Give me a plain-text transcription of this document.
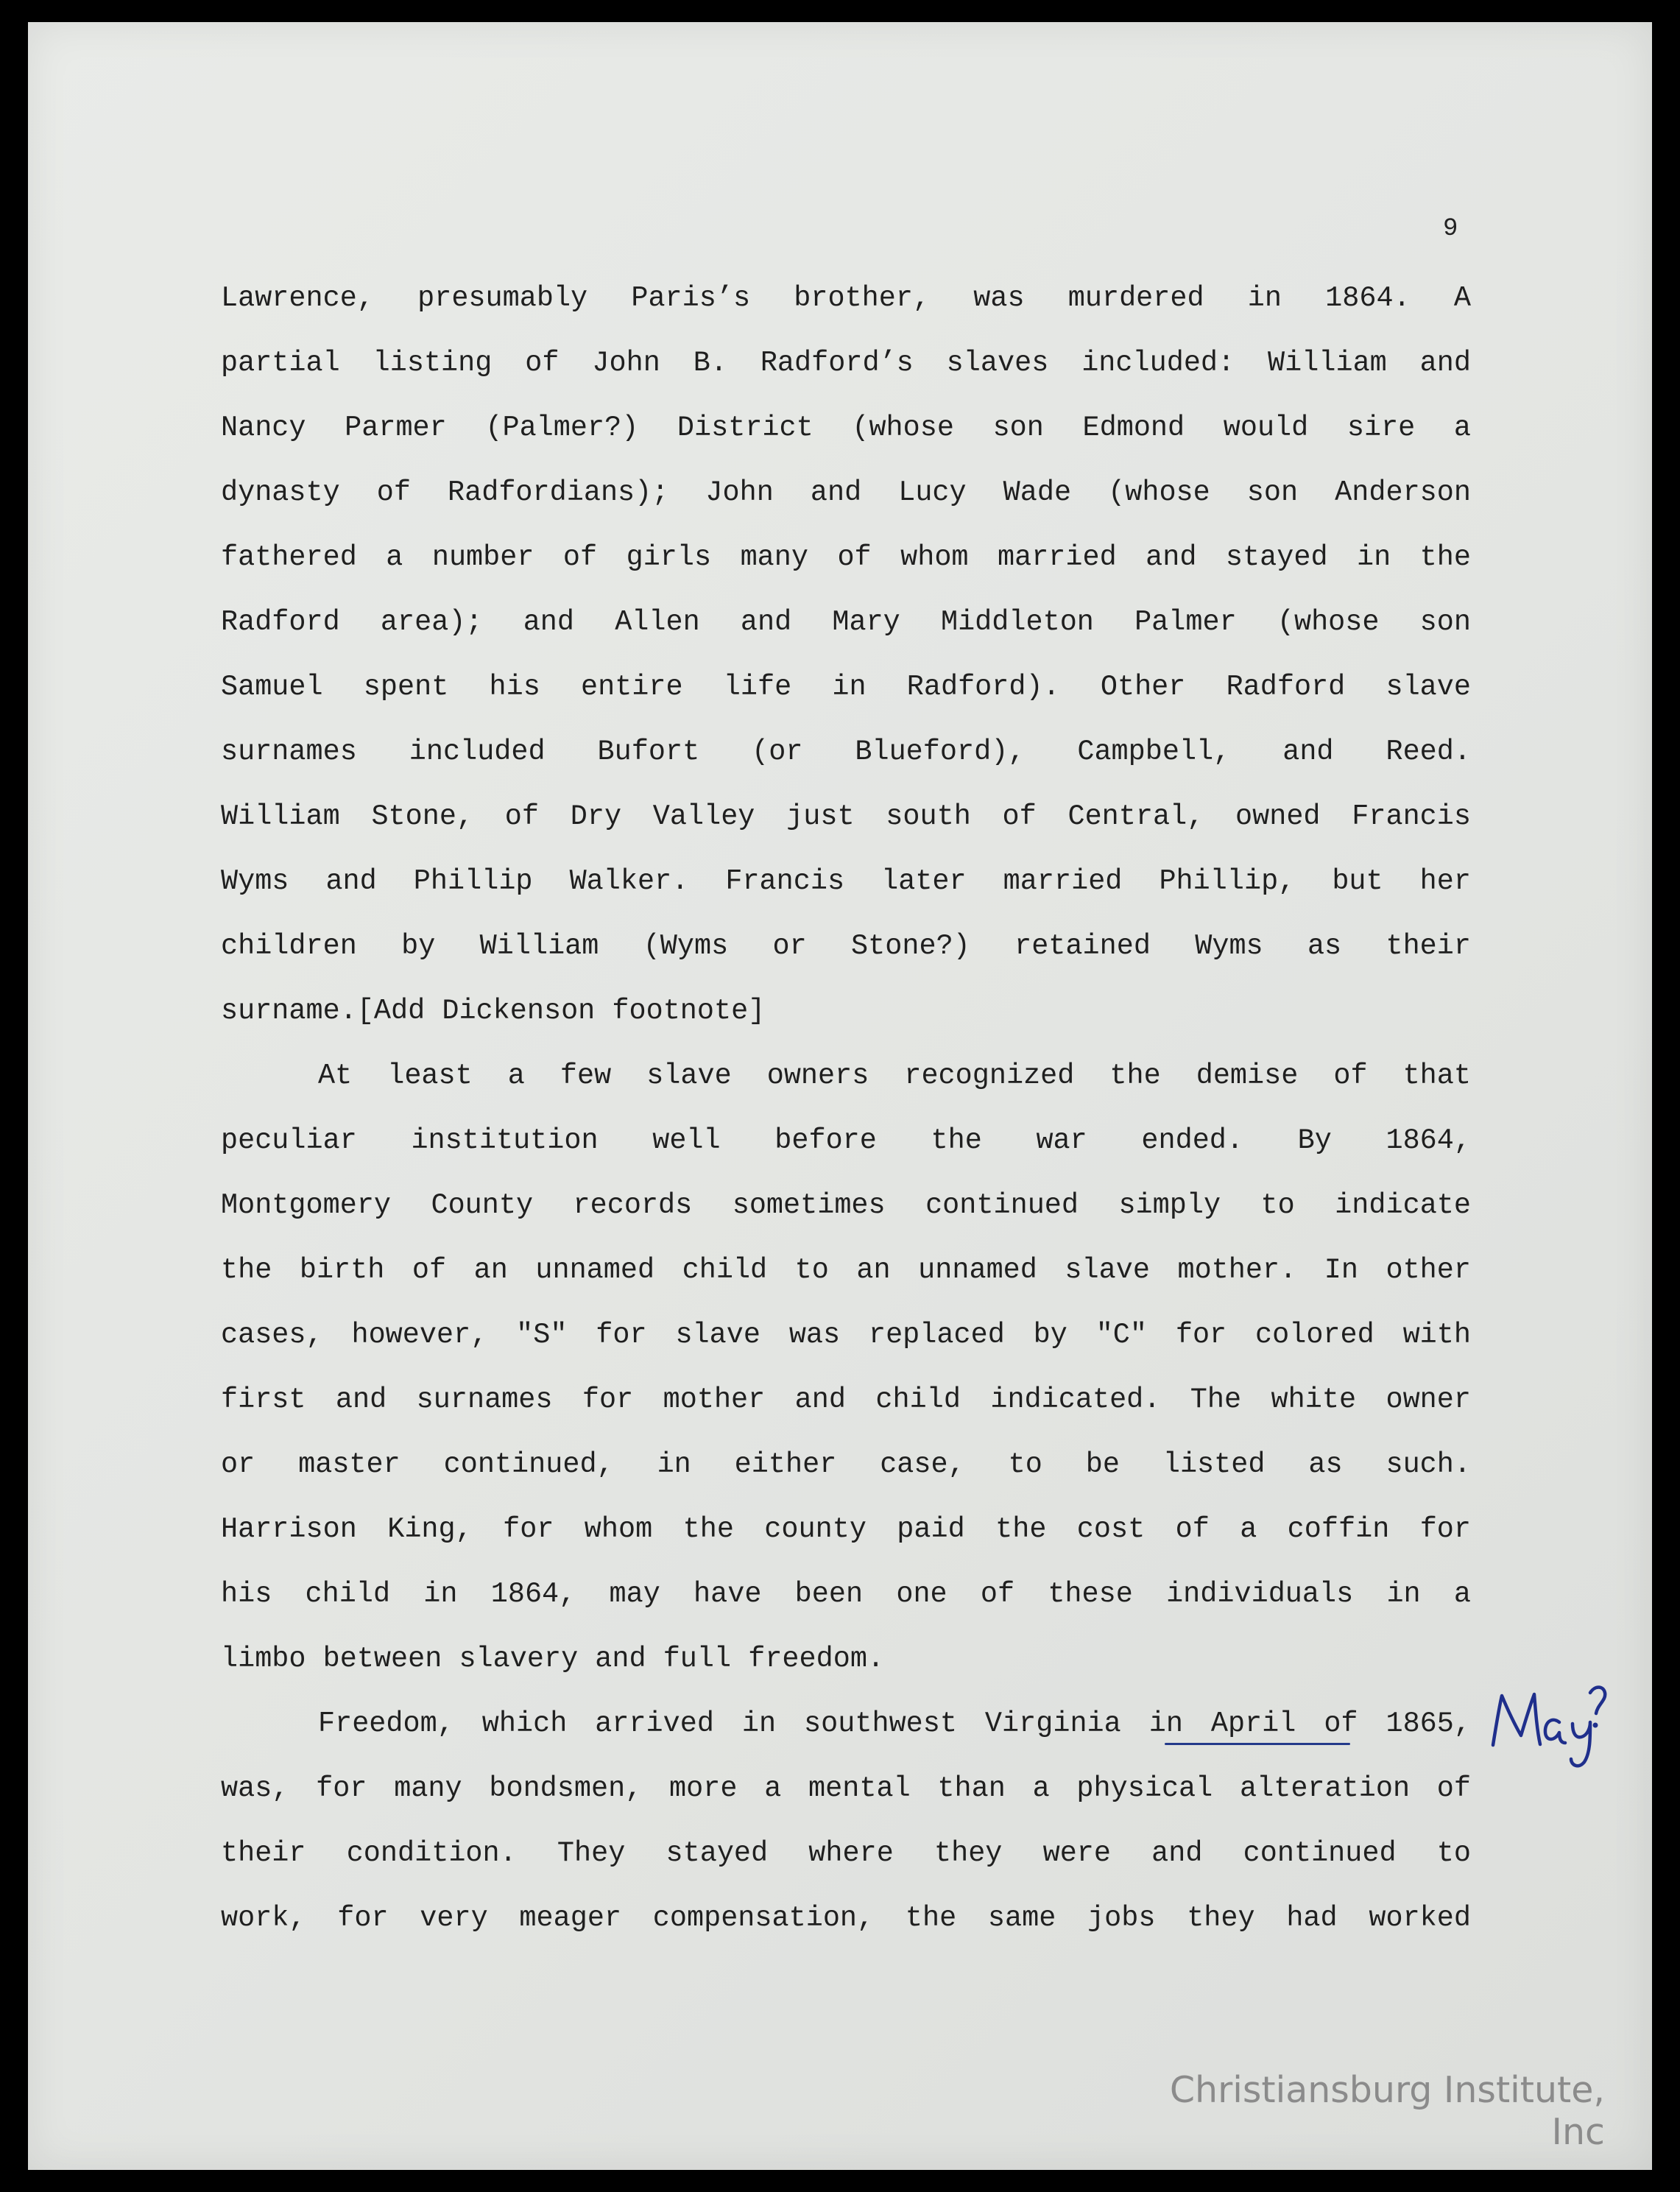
9
Lawrence, presumably Paris’s brother, was murdered in 1864. A
partial listing of John B. Radford’s slaves included: William and
Nancy Parmer (Palmer?) District (whose son Edmond would sire a
dynasty of Radfordians); John and Lucy Wade (whose son Anderson
fathered a number of girls many of whom married and stayed in the
Radford area); and Allen and Mary Middleton Palmer (whose son
Samuel spent his entire life in Radford). Other Radford slave
surnames included Bufort (or Blueford), Campbell, and Reed.
William Stone, of Dry Valley just south of Central, owned Francis
Wyms and Phillip Walker. Francis later married Phillip, but her
children by William (Wyms or Stone?) retained Wyms as their
surname.[Add Dickenson footnote]
At least a few slave owners recognized the demise of that
peculiar institution well before the war ended. By 1864,
Montgomery County records sometimes continued simply to indicate
the birth of an unnamed child to an unnamed slave mother. In other
cases, however, "S" for slave was replaced by "C" for colored with
first and surnames for mother and child indicated. The white owner
or master continued, in either case, to be listed as such.
Harrison King, for whom the county paid the cost of a coffin for
his child in 1864, may have been one of these individuals in a
limbo between slavery and full freedom.
Freedom, which arrived in southwest Virginia in April of 1865,
was, for many bondsmen, more a mental than a physical alteration of
their condition. They stayed where they were and continued to
work, for very meager compensation, the same jobs they had worked
Christiansburg Institute, Inc
